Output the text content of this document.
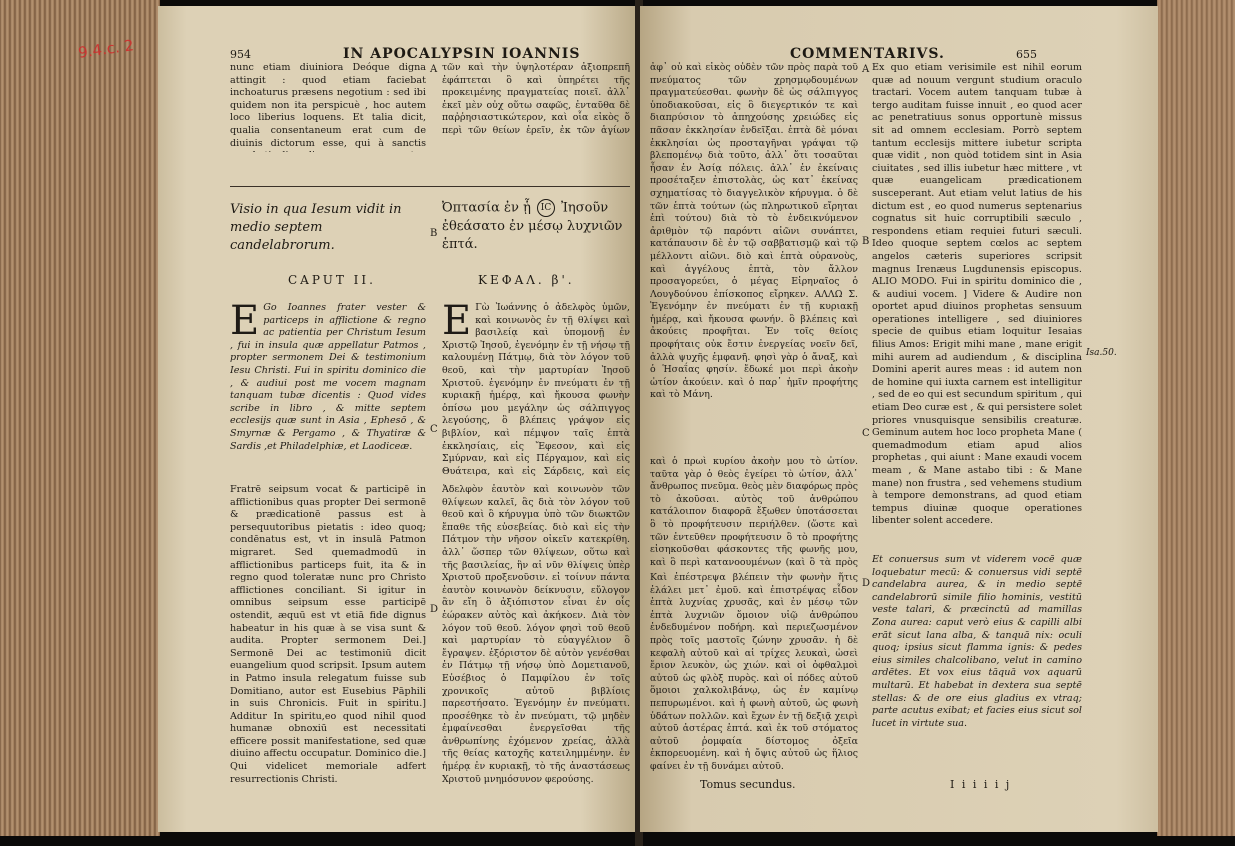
9.4.c. 2	954	IN APOCALYPSIN IOANNIS
nunc etiam diuiniora Deóque digna attingit : quod etiam faciebat inchoaturus præsens negotium : sed ibi quidem non ita perspicuè , hoc autem loco liberius loquens. Et talia dicit, qualia consentaneum erat cum de diuinis dictorum esse, qui à sanctis
A τῶν καὶ τὴν ὑψηλοτέραν ἀξιοπρεπῆ ἐφάπτεται ὃ καὶ ὑπηρέτει τῆς προκειμένης πραγματείας ποιεῖ. ἀλλ᾿ ἐκεῖ μὲν οὐχ οὕτω σαφῶς, ἐνταῦθα δὲ παῤῥησιαστικώτερον, καὶ οἷα εἰκὸς ὅ περὶ τῶν θείων ἐρεῖν, ἐκ τῶν ἁγίων
Visio in qua Iesum vidit in medio septem candelabrorum.
B
Ὀπτασία ἐν ᾗ IC Ἰησοῦν ἐθεάσατο ἐν μέσῳ λυχνιῶν ἑπτά.
CAPUT II.	ΚΕΦΑΛ. β'.
E Go Ioannes frater vester & particeps in afflictione & regno ac patientia per Christum Iesum , fui in insula quæ appellatur Patmos , propter sermonem Dei & testimonium Iesu Christi. Fui in spiritu dominico die , & audiui post me vocem magnam tanquam tubæ dicentis : Quod vides scribe in libro , & mitte septem ecclesijs quæ sunt in Asia , Ephesō , & Smyrnæ & Pergamo , & Thyatiræ & Sardis ,et Philadelphiæ, et Laodiceæ.
C
Ε Γὼ Ἰωάννης ὁ ἀδελφὸς ὑμῶν, καὶ κοινωνὸς ἐν τῇ θλίψει καὶ βασιλείᾳ καὶ ὑπομονῇ ἐν Χριστῷ Ἰησοῦ, ἐγενόμην ἐν τῇ νήσῳ τῇ καλουμένῃ Πάτμῳ, διὰ τὸν λόγον τοῦ θεοῦ, καὶ τὴν μαρτυρίαν Ἰησοῦ Χριστοῦ. ἐγενόμην ἐν πνεύματι ἐν τῇ κυριακῇ ἡμέρᾳ, καὶ ἤκουσα φωνὴν ὀπίσω μου μεγάλην ὡς σάλπιγγος λεγούσης, ὃ βλέπεις γράψον εἰς βιβλίον, καὶ πέμψον ταῖς ἑπτὰ ἐκκλησίαις, εἰς Ἔφεσον, καὶ εἰς Σμύρναν, καὶ εἰς Πέργαμον, καὶ εἰς Θυάτειρα, καὶ εἰς Σάρδεις, καὶ εἰς
Fratrē seipsum vocat & participē in afflictionibus quas propter Dei sermonē & prædicationē passus est à persequutoribus pietatis : ideo quoq; condēnatus est, vt in insulā Patmon migraret. Sed quemadmodū in afflictionibus particeps fuit, ita & in regno quod toleratæ nunc pro Christo afflictiones conciliant. Si igitur in omnibus seipsum esse participē ostendit, æquū est vt etiā fide dignus habeatur in his quæ à se visa sunt & audita. Propter sermonem Dei.] Sermonē Dei ac testimoniū dicit euangelium quod scripsit. Ipsum autem in Patmo insula relegatum fuisse sub Domitiano, autor est Eusebius Pāphili in suis Chronicis. Fuit in spiritu.] Additur In spiritu,eo quod nihil quod humanæ obnoxiū est necessitati efficere possit manifestatione, sed quæ diuino affectu occupatur. Dominico die.] Qui videlicet memoriale adfert resurrectionis Christi.
D
Ἀδελφὸν ἑαυτὸν καὶ κοινωνὸν τῶν θλίψεων καλεῖ, ἃς διὰ τὸν λόγον τοῦ θεοῦ καὶ ὃ κήρυγμα ὑπὸ τῶν διωκτῶν ἔπαθε τῆς εὐσεβείας. διὸ καὶ εἰς τὴν Πάτμον τὴν νῆσον οἰκεῖν κατεκρίθη. ἀλλ᾿ ὥσπερ τῶν θλίψεων, οὕτω καὶ τῆς βασιλείας, ἣν αἱ νῦν θλίψεις ὑπὲρ Χριστοῦ προξενοῦσιν. εἰ τοίνυν πάντα ἑαυτὸν κοινωνὸν δείκνυσιν, εὔλογον ἂν εἴη ὃ ἀξιόπιστον εἶναι ἐν οἷς ἑώρακεν αὐτὸς καὶ ἀκήκοεν. Διὰ τὸν λόγον τοῦ θεοῦ. λόγον φησὶ τοῦ θεοῦ καὶ μαρτυρίαν τὸ εὐαγγέλιον ὃ ἔγραψεν. ἐξόριστον δὲ αὐτὸν γενέσθαι ἐν Πάτμῳ τῇ νήσῳ ὑπὸ Δομετιανοῦ, Εὐσέβιος ὁ Παμφίλου ἐν τοῖς χρονικοῖς αὐτοῦ βιβλίοις παρεστήσατο. Ἐγενόμην ἐν πνεύματι. προσέθηκε τὸ ἐν πνεύματι, τῷ μηδὲν ἐμφαίνεσθαι ἐνεργεῖσθαι τῆς ἀνθρωπίνης ἐχόμενον χρείας, ἀλλὰ τῆς θείας κατοχῆς κατειλημμένην. ἐν ἡμέρᾳ ἐν κυριακῇ, τὸ τῆς ἀναστάσεως Χριστοῦ μνημόσυνον φερούσης.
COMMENTARIVS.	655
ἀφ᾿ οὗ καὶ εἰκὸς οὐδὲν τῶν πρὸς παρὰ τοῦ πνεύματος τῶν χρησμῳδουμένων πραγματεύεσθαι. φωνὴν δὲ ὡς σάλπιγγος ὑποδιακοῦσαι, εἰς ὃ διεγερτικόν τε καὶ διαπρύσιον τὸ ἀπηχούσης χρειώδες εἰς πᾶσαν ἐκκλησίαν ἐνδεῖξαι. ἑπτὰ δὲ μόναι ἐκκλησίαι ὡς προσταγῆναι γράψαι τῷ βλεπομένῳ διὰ τοῦτο, ἀλλ᾿ ὅτι τοσαῦται ἦσαν ἐν Ἀσίᾳ πόλεις. ἀλλ᾿ ἐν ἐκείναις προσέταξεν ἐπιστολὰς, ὡς κατ᾿ ἐκείνας σχηματίσας τὸ διαγγελικὸν κήρυγμα. ὁ δὲ τῶν ἑπτὰ τούτων (ὡς πληρωτικοῦ εἴρηται ἐπὶ τούτου) διὰ τὸ τὸ ἐνδεικνύμενον ἀριθμὸν τῷ παρόντι αἰῶνι συνάπτει, κατάπαυσιν δὲ ἐν τῷ σαββατισμῷ καὶ τῷ μέλλοντι αἰῶνι. διὸ καὶ ἑπτὰ οὐρανοὺς, καὶ ἀγγέλους ἑπτὰ, τὸν ἄλλον προσαγορεύει, ὁ μέγας Εἰρηναῖος ὁ Λουγδούνου ἐπίσκοπος εἴρηκεν. ΑΛΛΩ Σ. Ἐγενόμην ἐν πνεύματι ἐν τῇ κυριακῇ ἡμέρᾳ, καὶ ἤκουσα φωνήν. ὃ βλέπεις καὶ ἀκούεις προφῆται. Ἐν τοῖς θείοις προφήταις οὐκ ἔστιν ἐνεργείας νοεῖν δεῖ, ἀλλὰ ψυχῆς ἐμφανῆ. φησὶ γὰρ ὁ ἄναξ, καὶ ὁ Ἡσαΐας φησίν. ἔδωκέ μοι περὶ ἀκοὴν ὠτίον ἀκούειν. καὶ ὁ παρ᾿ ἡμῖν προφήτης καὶ τὸ Μάνη.
A
B
C
D
Ex quo etiam verisimile est nihil eorum quæ ad nouum vergunt studium oraculo tractari. Vocem autem tanquam tubæ à tergo auditam fuisse innuit , eo quod acer ac penetratiuus sonus opportunè missus sit ad omnem ecclesiam. Porrò septem tantum ecclesijs mittere iubetur scripta quæ vidit , non quòd totidem sint in Asia ciuitates , sed illis iubetur hæc mittere , vt quæ euangelicam prædicationem susceperant. Aut etiam velut latius de his dictum est , eo quod numerus septenarius cognatus sit huic corruptibili sæculo , respondens etiam requiei futuri sæculi. Ideo quoque septem cœlos ac septem angelos cæteris superiores scripsit magnus Irenæus Lugdunensis episcopus. ALIO MODO. Fui in spiritu dominico die , & audiui vocem. ] Videre & Audire non oportet apud diuinos prophetas sensuum operationes intelligere , sed diuiniores specie de quibus etiam loquitur Iesaias filius Amos: Erigit mihi mane , mane erigit mihi aurem ad audiendum , & disciplina Domini aperit aures meas : id autem non de homine qui iuxta carnem est intelligitur , sed de eo qui est secundum spiritum , qui etiam Deo curæ est , & qui persistere solet priores vnusquisque sensibilis creaturæ. Geminum autem hoc loco propheta Mane ( quemadmodum etiam apud alios prophetas , qui aiunt : Mane exaudi vocem meam , & Mane astabo tibi : & Mane mane) non frustra , sed vehemens studium à tempore demonstrans, ad quod etiam tempus diuinæ quoque operationes libenter solent accedere.
Isa.50.
καὶ ὁ πρωὶ κυρίου ἀκοὴν μου τὸ ὠτίον. ταῦτα γὰρ ὁ θεὸς ἐγείρει τὸ ὠτίον, ἀλλ᾿ ἄνθρωπος πνεῦμα. θεὸς μὲν διαφόρως πρὸς τὸ ἀκοῦσαι. αὐτὸς τοῦ ἀνθρώπου κατάλοιπον διαφορᾶ ἔξωθεν ὑποτάσσεται ὃ τὸ προφήτευσιν περιήλθεν. (ὥστε καὶ τῶν ἐντεῦθεν προφήτευσιν ὃ τὸ προφήτης εἰσηκοῦσθαι φάσκοντες τῆς φωνῆς μου, καὶ ὃ περὶ κατανοουμένων (καὶ ὃ τὰ πρὸς
Καὶ ἐπέστρεψα βλέπειν τὴν φωνὴν ἥτις ἐλάλει μετ᾿ ἐμοῦ. καὶ ἐπιστρέψας εἶδον ἑπτὰ λυχνίας χρυσᾶς, καὶ ἐν μέσῳ τῶν ἑπτὰ λυχνιῶν ὅμοιον υἱῷ ἀνθρώπου ἐνδεδυμένον ποδήρη. καὶ περιεζωσμένον πρὸς τοῖς μαστοῖς ζώνην χρυσᾶν. ἡ δὲ κεφαλὴ αὐτοῦ καὶ αἱ τρίχες λευκαὶ, ὡσεὶ ἔριον λευκὸν, ὡς χιών. καὶ οἱ ὀφθαλμοὶ αὐτοῦ ὡς φλὸξ πυρὸς. καὶ οἱ πόδες αὐτοῦ ὅμοιοι χαλκολιβάνῳ, ὡς ἐν καμίνῳ πεπυρωμένοι. καὶ ἡ φωνὴ αὐτοῦ, ὡς φωνὴ ὑδάτων πολλῶν. καὶ ἔχων ἐν τῇ δεξιᾷ χειρὶ αὐτοῦ ἀστέρας ἑπτά. καὶ ἐκ τοῦ στόματος αὐτοῦ ῥομφαία δίστομος ὀξεῖα ἐκπορευομένη. καὶ ἡ ὄψις αὐτοῦ ὡς ἥλιος φαίνει ἐν τῇ δυνάμει αὐτοῦ.
Et conuersus sum vt viderem vocē quæ loquebatur mecū: & conuersus vidi septē candelabra aurea, & in medio septē candelabrorū simile filio hominis, vestitū veste talari, & præcinctū ad mamillas Zona aurea: caput verò eius & capilli albi erāt sicut lana alba, & tanquā nix: oculi quoq; ipsius sicut flamma ignis: & pedes eius similes chalcolibano, velut in camino ardētes. Et vox eius tāquā vox aquarū multarū. Et habebat in dextera sua septē stellas: & de ore eius gladius ex vtraq; parte acutus exibat; et facies eius sicut sol lucet in virtute sua.
Tomus secundus.	I i i i i j
